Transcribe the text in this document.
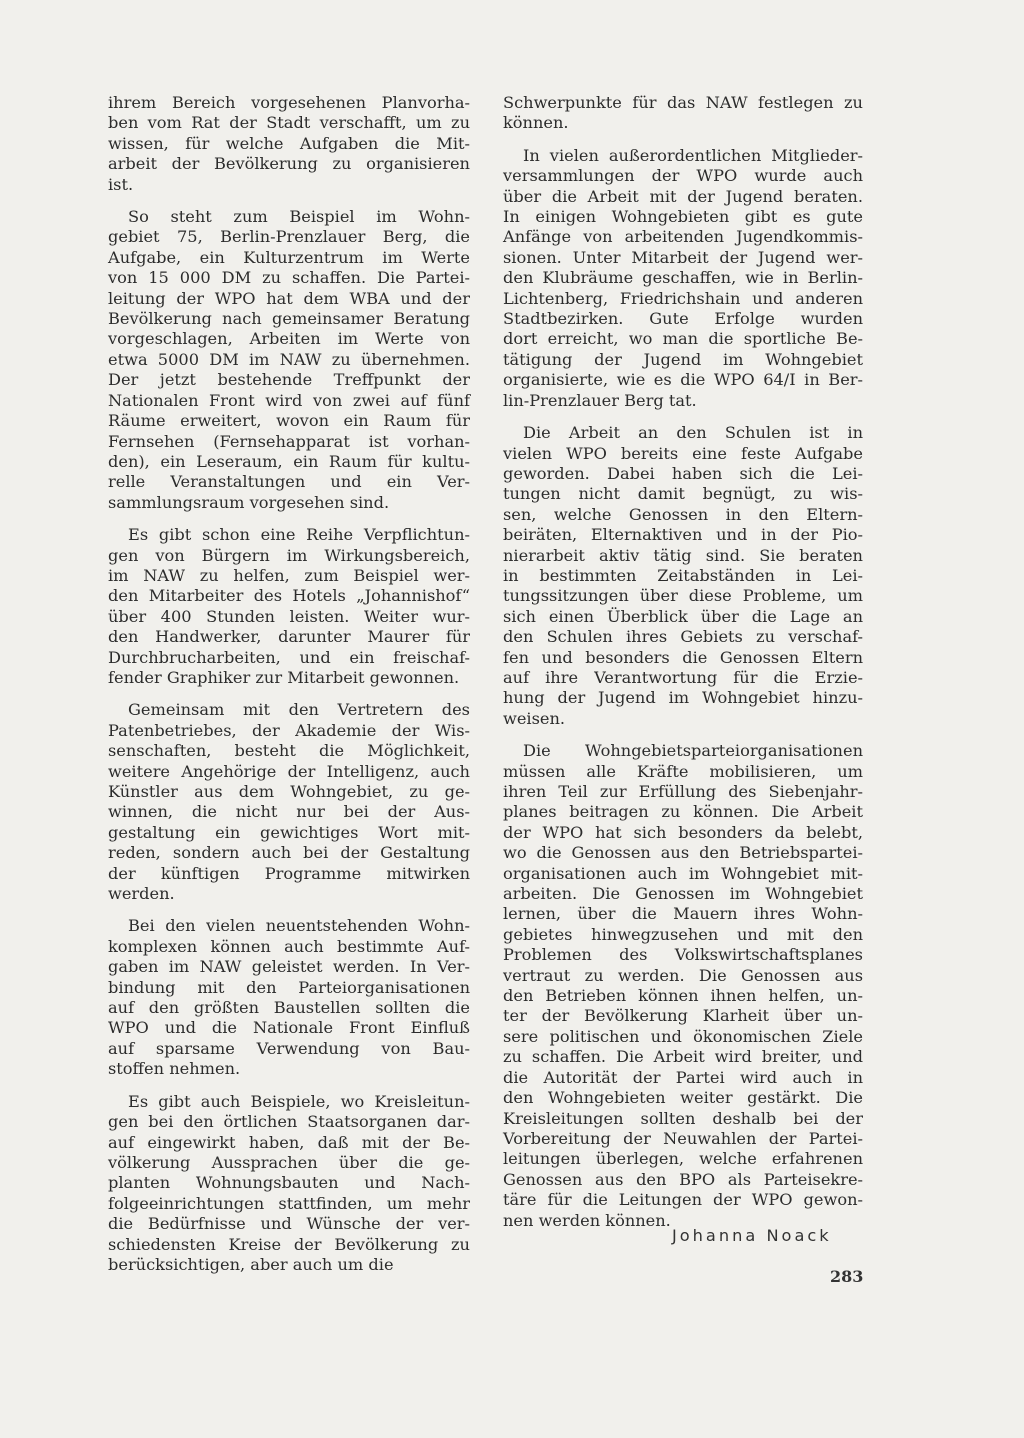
ihrem Bereich vorgesehenen Planvorha-
ben vom Rat der Stadt verschafft, um zu
wissen, für welche Aufgaben die Mit-
arbeit der Bevölkerung zu organisieren
ist.

So steht zum Beispiel im Wohn-
gebiet 75, Berlin-Prenzlauer Berg, die
Aufgabe, ein Kulturzentrum im Werte
von 15 000 DM zu schaffen. Die Partei-
leitung der WPO hat dem WBA und der
Bevölkerung nach gemeinsamer Beratung
vorgeschlagen, Arbeiten im Werte von
etwa 5000 DM im NAW zu übernehmen.
Der jetzt bestehende Treffpunkt der
Nationalen Front wird von zwei auf fünf
Räume erweitert, wovon ein Raum für
Fernsehen (Fernsehapparat ist vorhan-
den), ein Leseraum, ein Raum für kultu-
relle Veranstaltungen und ein Ver-
sammlungsraum vorgesehen sind.

Es gibt schon eine Reihe Verpflichtun-
gen von Bürgern im Wirkungsbereich,
im NAW zu helfen, zum Beispiel wer-
den Mitarbeiter des Hotels „Johannishof“
über 400 Stunden leisten. Weiter wur-
den Handwerker, darunter Maurer für
Durchbrucharbeiten, und ein freischaf-
fender Graphiker zur Mitarbeit gewonnen.

Gemeinsam mit den Vertretern des
Patenbetriebes, der Akademie der Wis-
senschaften, besteht die Möglichkeit,
weitere Angehörige der Intelligenz, auch
Künstler aus dem Wohngebiet, zu ge-
winnen, die nicht nur bei der Aus-
gestaltung ein gewichtiges Wort mit-
reden, sondern auch bei der Gestaltung
der künftigen Programme mitwirken
werden.

Bei den vielen neuentstehenden Wohn-
komplexen können auch bestimmte Auf-
gaben im NAW geleistet werden. In Ver-
bindung mit den Parteiorganisationen
auf den größten Baustellen sollten die
WPO und die Nationale Front Einfluß
auf sparsame Verwendung von Bau-
stoffen nehmen.

Es gibt auch Beispiele, wo Kreisleitun-
gen bei den örtlichen Staatsorganen dar-
auf eingewirkt haben, daß mit der Be-
völkerung Aussprachen über die ge-
planten Wohnungsbauten und Nach-
folgeeinrichtungen stattfinden, um mehr
die Bedürfnisse und Wünsche der ver-
schiedensten Kreise der Bevölkerung zu
berücksichtigen, aber auch um die

Schwerpunkte für das NAW festlegen zu
können.

In vielen außerordentlichen Mitglieder-
versammlungen der WPO wurde auch
über die Arbeit mit der Jugend beraten.
In einigen Wohngebieten gibt es gute
Anfänge von arbeitenden Jugendkommis-
sionen. Unter Mitarbeit der Jugend wer-
den Klubräume geschaffen, wie in Berlin-
Lichtenberg, Friedrichshain und anderen
Stadtbezirken. Gute Erfolge wurden
dort erreicht, wo man die sportliche Be-
tätigung der Jugend im Wohngebiet
organisierte, wie es die WPO 64/I in Ber-
lin-Prenzlauer Berg tat.

Die Arbeit an den Schulen ist in
vielen WPO bereits eine feste Aufgabe
geworden. Dabei haben sich die Lei-
tungen nicht damit begnügt, zu wis-
sen, welche Genossen in den Eltern-
beiräten, Elternaktiven und in der Pio-
nierarbeit aktiv tätig sind. Sie beraten
in bestimmten Zeitabständen in Lei-
tungssitzungen über diese Probleme, um
sich einen Überblick über die Lage an
den Schulen ihres Gebiets zu verschaf-
fen und besonders die Genossen Eltern
auf ihre Verantwortung für die Erzie-
hung der Jugend im Wohngebiet hinzu-
weisen.

Die Wohngebietsparteiorganisationen
müssen alle Kräfte mobilisieren, um
ihren Teil zur Erfüllung des Siebenjahr-
planes beitragen zu können. Die Arbeit
der WPO hat sich besonders da belebt,
wo die Genossen aus den Betriebspartei-
organisationen auch im Wohngebiet mit-
arbeiten. Die Genossen im Wohngebiet
lernen, über die Mauern ihres Wohn-
gebietes hinwegzusehen und mit den
Problemen des Volkswirtschaftsplanes
vertraut zu werden. Die Genossen aus
den Betrieben können ihnen helfen, un-
ter der Bevölkerung Klarheit über un-
sere politischen und ökonomischen Ziele
zu schaffen. Die Arbeit wird breiter, und
die Autorität der Partei wird auch in
den Wohngebieten weiter gestärkt. Die
Kreisleitungen sollten deshalb bei der
Vorbereitung der Neuwahlen der Partei-
leitungen überlegen, welche erfahrenen
Genossen aus den BPO als Parteisekre-
täre für die Leitungen der WPO gewon-
nen werden können.

Johanna Noack
283
